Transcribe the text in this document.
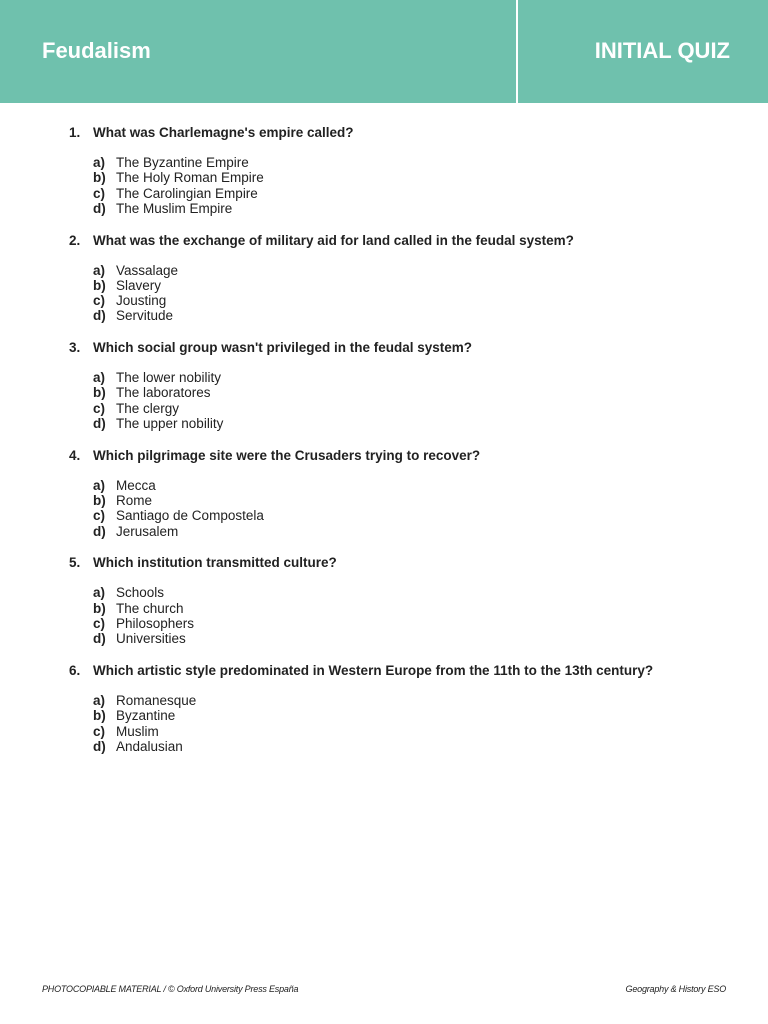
Feudalism	INITIAL QUIZ
1. What was Charlemagne's empire called?
a) The Byzantine Empire
b) The Holy Roman Empire
c) The Carolingian Empire
d) The Muslim Empire
2. What was the exchange of military aid for land called in the feudal system?
a) Vassalage
b) Slavery
c) Jousting
d) Servitude
3. Which social group wasn't privileged in the feudal system?
a) The lower nobility
b) The laboratores
c) The clergy
d) The upper nobility
4. Which pilgrimage site were the Crusaders trying to recover?
a) Mecca
b) Rome
c) Santiago de Compostela
d) Jerusalem
5. Which institution transmitted culture?
a) Schools
b) The church
c) Philosophers
d) Universities
6. Which artistic style predominated in Western Europe from the 11th to the 13th century?
a) Romanesque
b) Byzantine
c) Muslim
d) Andalusian
PHOTOCOPIABLE MATERIAL / © Oxford University Press España	Geography & History ESO
